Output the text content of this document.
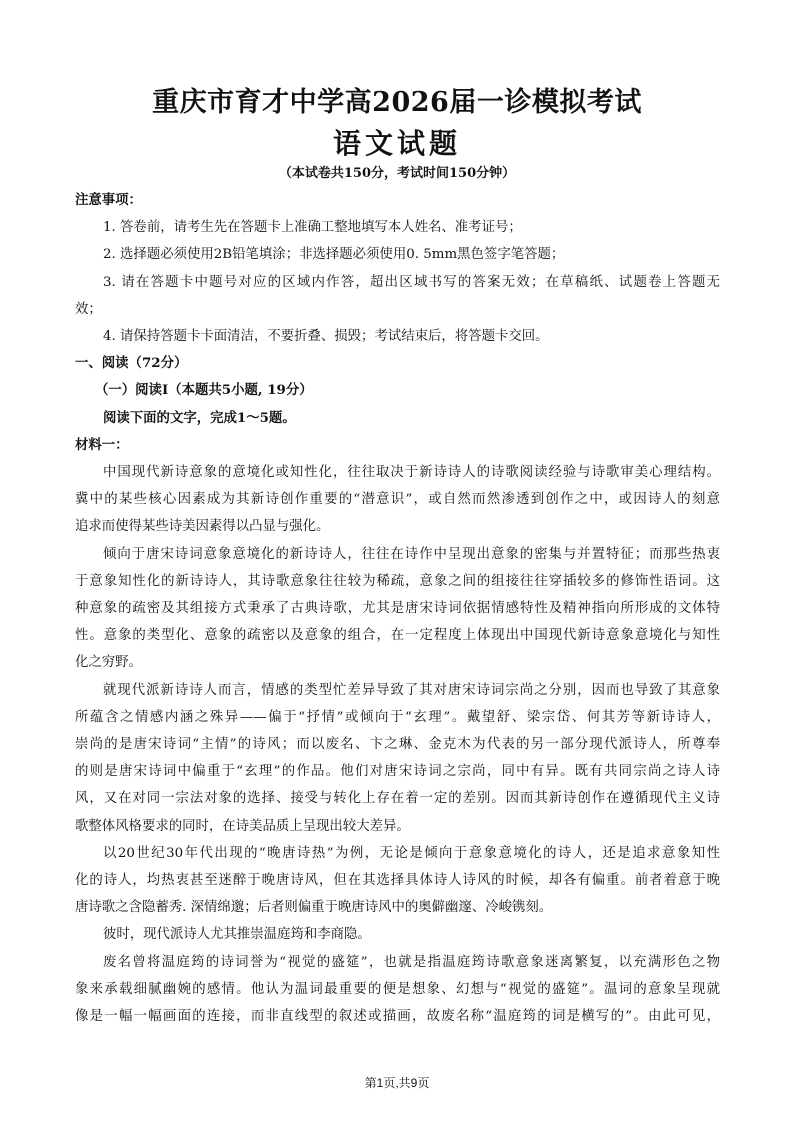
重庆市育才中学高2026届一诊模拟考试
语文试题
（本试卷共150分，考试时间150分钟）

注意事项：

1. 答卷前，请考生先在答题卡上准确工整地填写本人姓名、准考证号；

2. 选择题必须使用2B铅笔填涂；非选择题必须使用0. 5mm黑色签字笔答题；

3. 请在答题卡中题号对应的区域内作答，超出区域书写的答案无效；在草稿纸、试题卷上答题无

效；

4. 请保持答题卡卡面清洁，不要折叠、损毁；考试结束后，将答题卡交回。

一、阅读（72分）

（一）阅读Ⅰ（本题共5小题, 19分）

阅读下面的文字，完成1～5题。

材料一：

中国现代新诗意象的意境化或知性化，往往取决于新诗诗人的诗歌阅读经验与诗歌审美心理结构。

冀中的某些核心因素成为其新诗创作重要的“潜意识”，或自然而然渗透到创作之中，或因诗人的刻意

追求而使得某些诗美因素得以凸显与强化。

倾向于唐宋诗词意象意境化的新诗诗人，往往在诗作中呈现出意象的密集与并置特征；而那些热衷

于意象知性化的新诗诗人，其诗歌意象往往较为稀疏，意象之间的组接往往穿插较多的修饰性语词。这

种意象的疏密及其组接方式秉承了古典诗歌，尤其是唐宋诗词依据情感特性及精神指向所形成的文体特

性。意象的类型化、意象的疏密以及意象的组合，在一定程度上体现出中国现代新诗意象意境化与知性

化之穷野。

就现代派新诗诗人而言，情感的类型忙差异导致了其对唐宋诗词宗尚之分别，因而也导致了其意象

所蕴含之情感内涵之殊异——偏于“抒情”或倾向于“玄理”。戴望舒、梁宗岱、何其芳等新诗诗人，

崇尚的是唐宋诗词“主情”的诗风；而以废名、卞之琳、金克木为代表的另一部分现代派诗人，所尊奉

的则是唐宋诗词中偏重于“玄理”的作品。他们对唐宋诗词之宗尚，同中有异。既有共同宗尚之诗人诗

风，又在对同一宗法对象的选择、接受与转化上存在着一定的差别。因而其新诗创作在遵循现代主义诗

歌整体风格要求的同时，在诗美品质上呈现出较大差异。

以20世纪30年代出现的“晚唐诗热”为例，无论是倾向于意象意境化的诗人，还是追求意象知性

化的诗人，均热衷甚至迷醉于晚唐诗风，但在其选择具体诗人诗风的时候，却各有偏重。前者着意于晚

唐诗歌之含隐蓄秀. 深情绵邈；后者则偏重于晚唐诗风中的奥僻幽邃、冷峻镌刻。

彼时，现代派诗人尤其推崇温庭筠和李商隐。

废名曾将温庭筠的诗词誉为“视觉的盛筵”，也就是指温庭筠诗歌意象迷离繁复，以充满形色之物

象来承载细腻幽婉的感情。他认为温词最重要的便是想象、幻想与“视觉的盛筵”。温词的意象呈现就

像是一幅一幅画面的连接，而非直线型的叙述或描画，故废名称“温庭筠的词是横写的”。由此可见，

第1页,共9页
